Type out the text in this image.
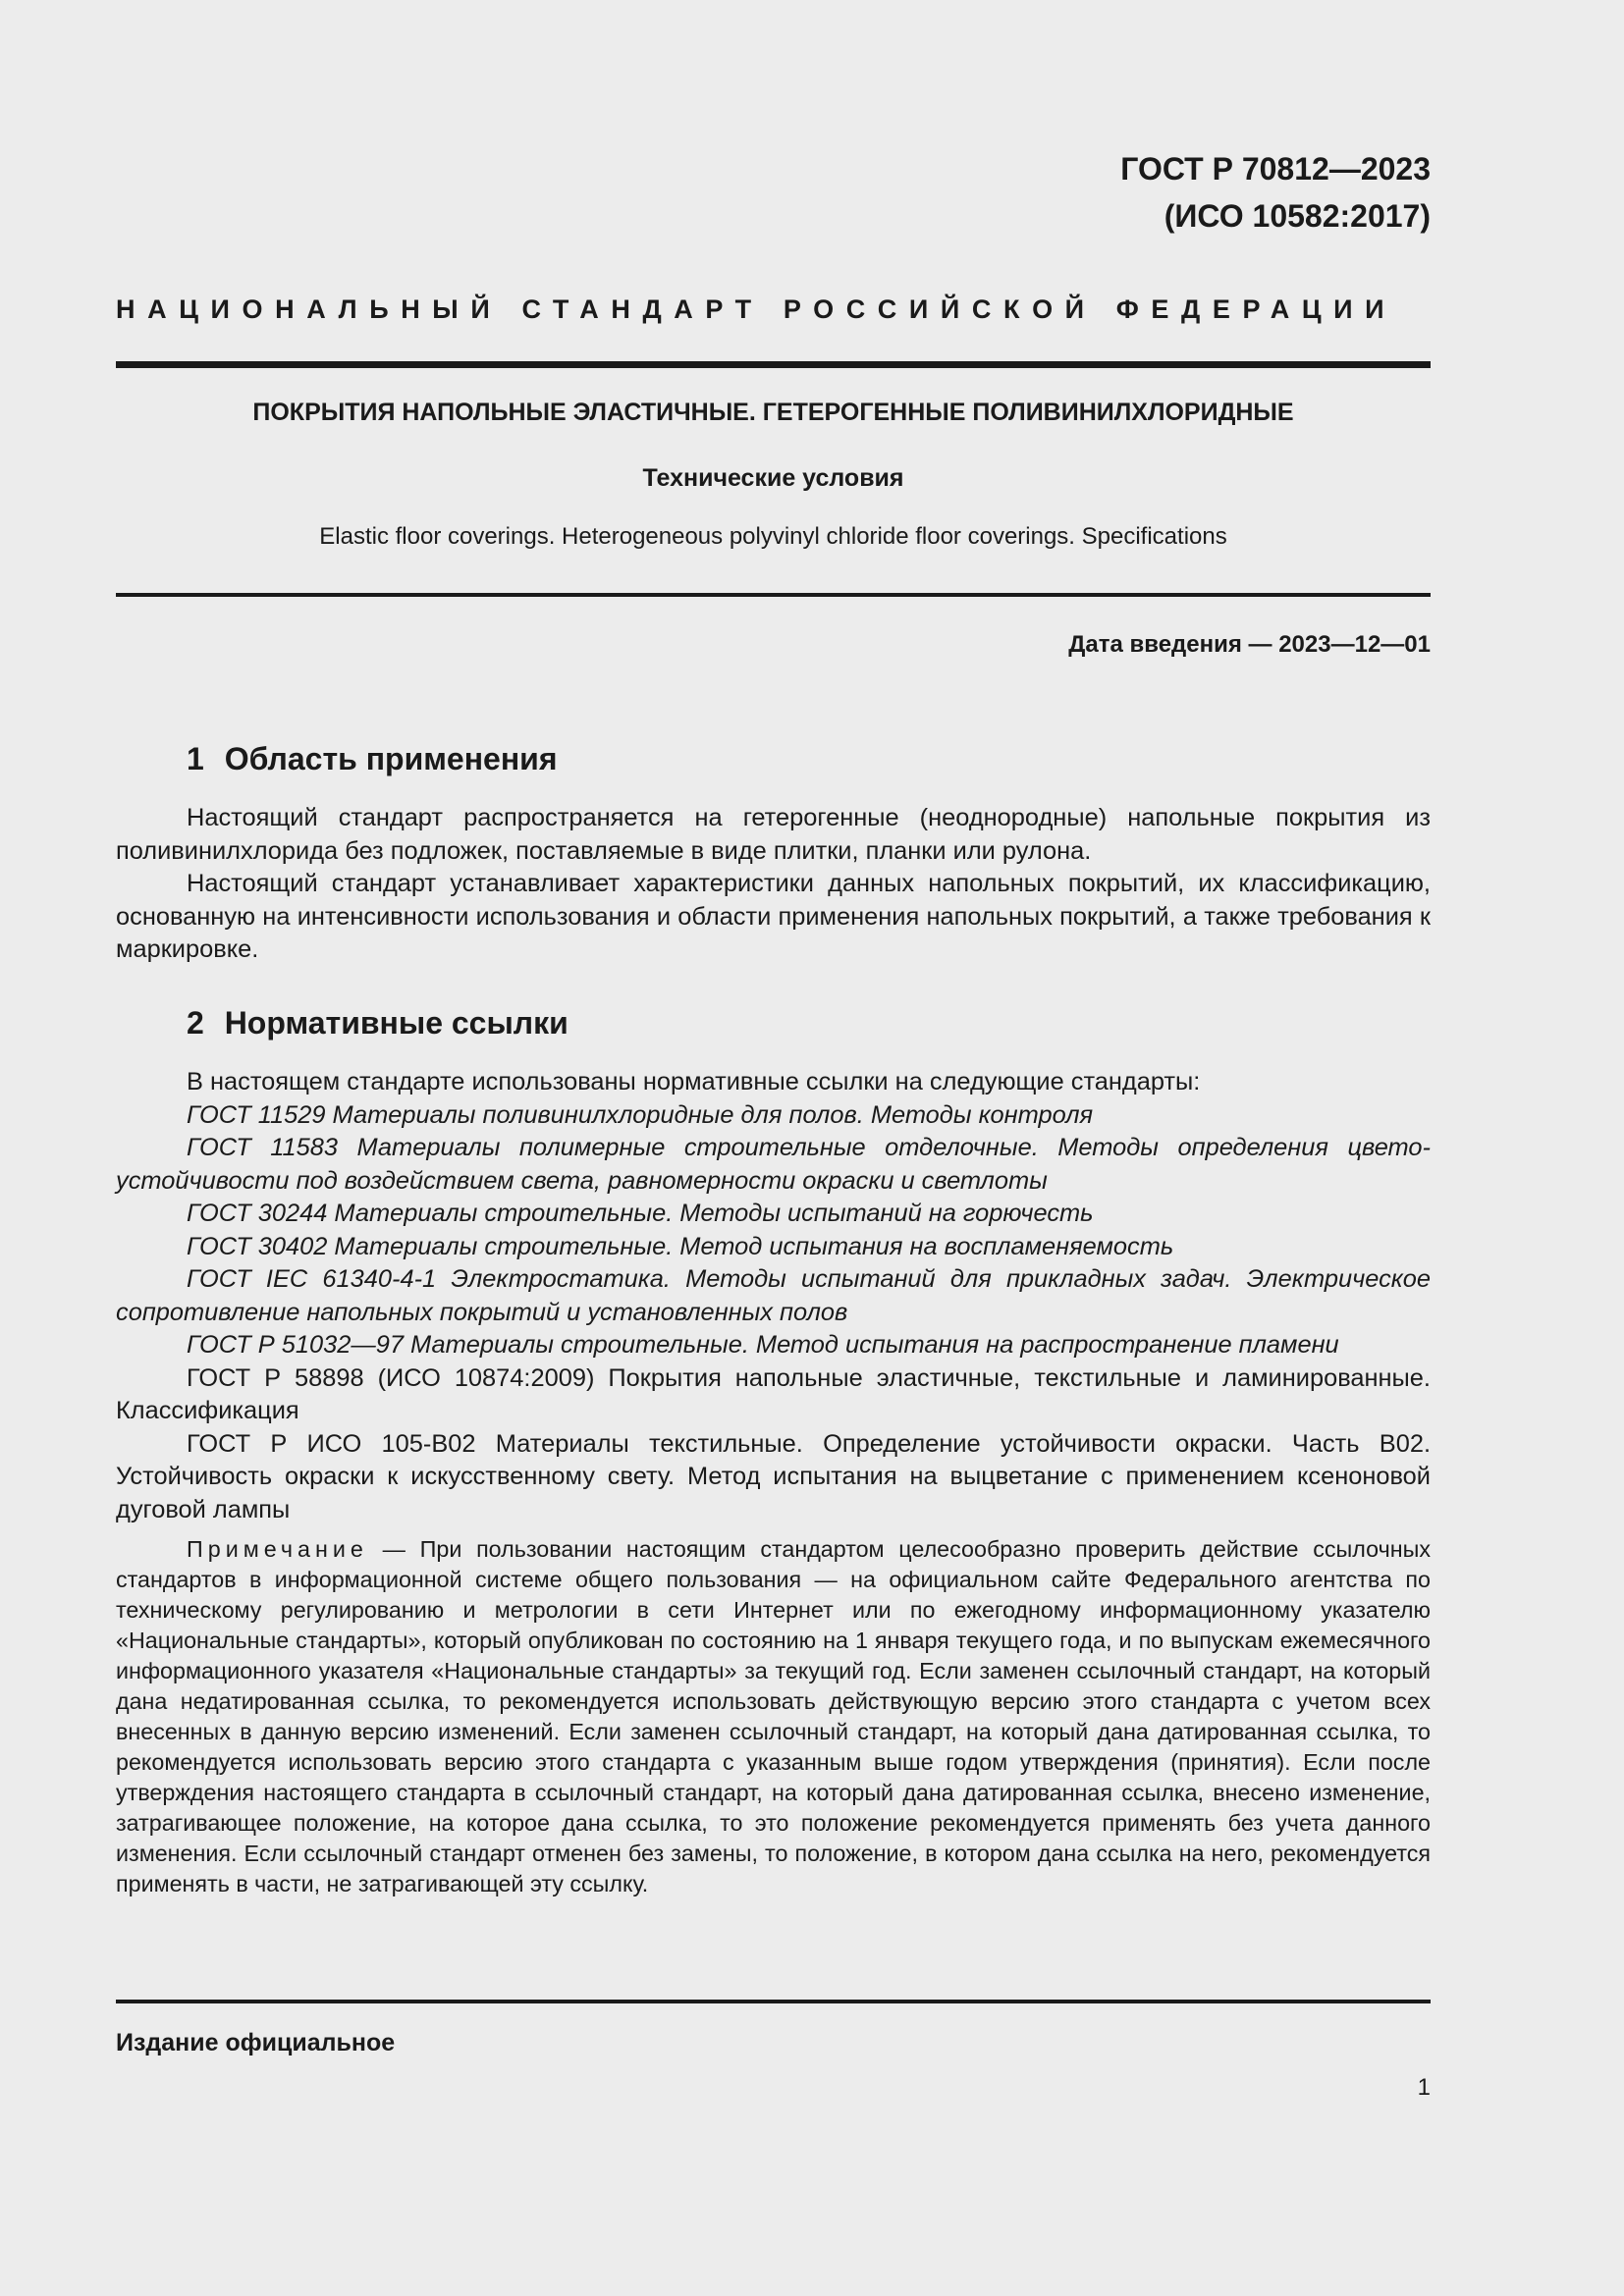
ГОСТ Р 70812—2023
(ИСО 10582:2017)
НАЦИОНАЛЬНЫЙ СТАНДАРТ РОССИЙСКОЙ ФЕДЕРАЦИИ
ПОКРЫТИЯ НАПОЛЬНЫЕ ЭЛАСТИЧНЫЕ. ГЕТЕРОГЕННЫЕ ПОЛИВИНИЛХЛОРИДНЫЕ
Технические условия
Elastic floor coverings. Heterogeneous polyvinyl chloride floor coverings. Specifications
Дата введения — 2023—12—01
1 Область применения

Настоящий стандарт распространяется на гетерогенные (неоднородные) напольные покрытия из поливинилхлорида без подложек, поставляемые в виде плитки, планки или рулона.

Настоящий стандарт устанавливает характеристики данных напольных покрытий, их классификацию, основанную на интенсивности использования и области применения напольных покрытий, а также требования к маркировке.

2 Нормативные ссылки

В настоящем стандарте использованы нормативные ссылки на следующие стандарты:

ГОСТ 11529 Материалы поливинилхлоридные для полов. Методы контроля

ГОСТ 11583 Материалы полимерные строительные отделочные. Методы определения цветоустойчивости под воздействием света, равномерности окраски и светлоты

ГОСТ 30244 Материалы строительные. Методы испытаний на горючесть

ГОСТ 30402 Материалы строительные. Метод испытания на воспламеняемость

ГОСТ IEC 61340-4-1 Электростатика. Методы испытаний для прикладных задач. Электрическое сопротивление напольных покрытий и установленных полов

ГОСТ Р 51032—97 Материалы строительные. Метод испытания на распространение пламени

ГОСТ Р 58898 (ИСО 10874:2009) Покрытия напольные эластичные, текстильные и ламинированные. Классификация

ГОСТ Р ИСО 105-В02 Материалы текстильные. Определение устойчивости окраски. Часть В02. Устойчивость окраски к искусственному свету. Метод испытания на выцветание с применением ксеноновой дуговой лампы

Примечание — При пользовании настоящим стандартом целесообразно проверить действие ссылочных стандартов в информационной системе общего пользования — на официальном сайте Федерального агентства по техническому регулированию и метрологии в сети Интернет или по ежегодному информационному указателю «Национальные стандарты», который опубликован по состоянию на 1 января текущего года, и по выпускам ежемесячного информационного указателя «Национальные стандарты» за текущий год. Если заменен ссылочный стандарт, на который дана недатированная ссылка, то рекомендуется использовать действующую версию этого стандарта с учетом всех внесенных в данную версию изменений. Если заменен ссылочный стандарт, на который дана датированная ссылка, то рекомендуется использовать версию этого стандарта с указанным выше годом утверждения (принятия). Если после утверждения настоящего стандарта в ссылочный стандарт, на который дана датированная ссылка, внесено изменение, затрагивающее положение, на которое дана ссылка, то это положение рекомендуется применять без учета данного изменения. Если ссылочный стандарт отменен без замены, то положение, в котором дана ссылка на него, рекомендуется применять в части, не затрагивающей эту ссылку.

Издание официальное
1
